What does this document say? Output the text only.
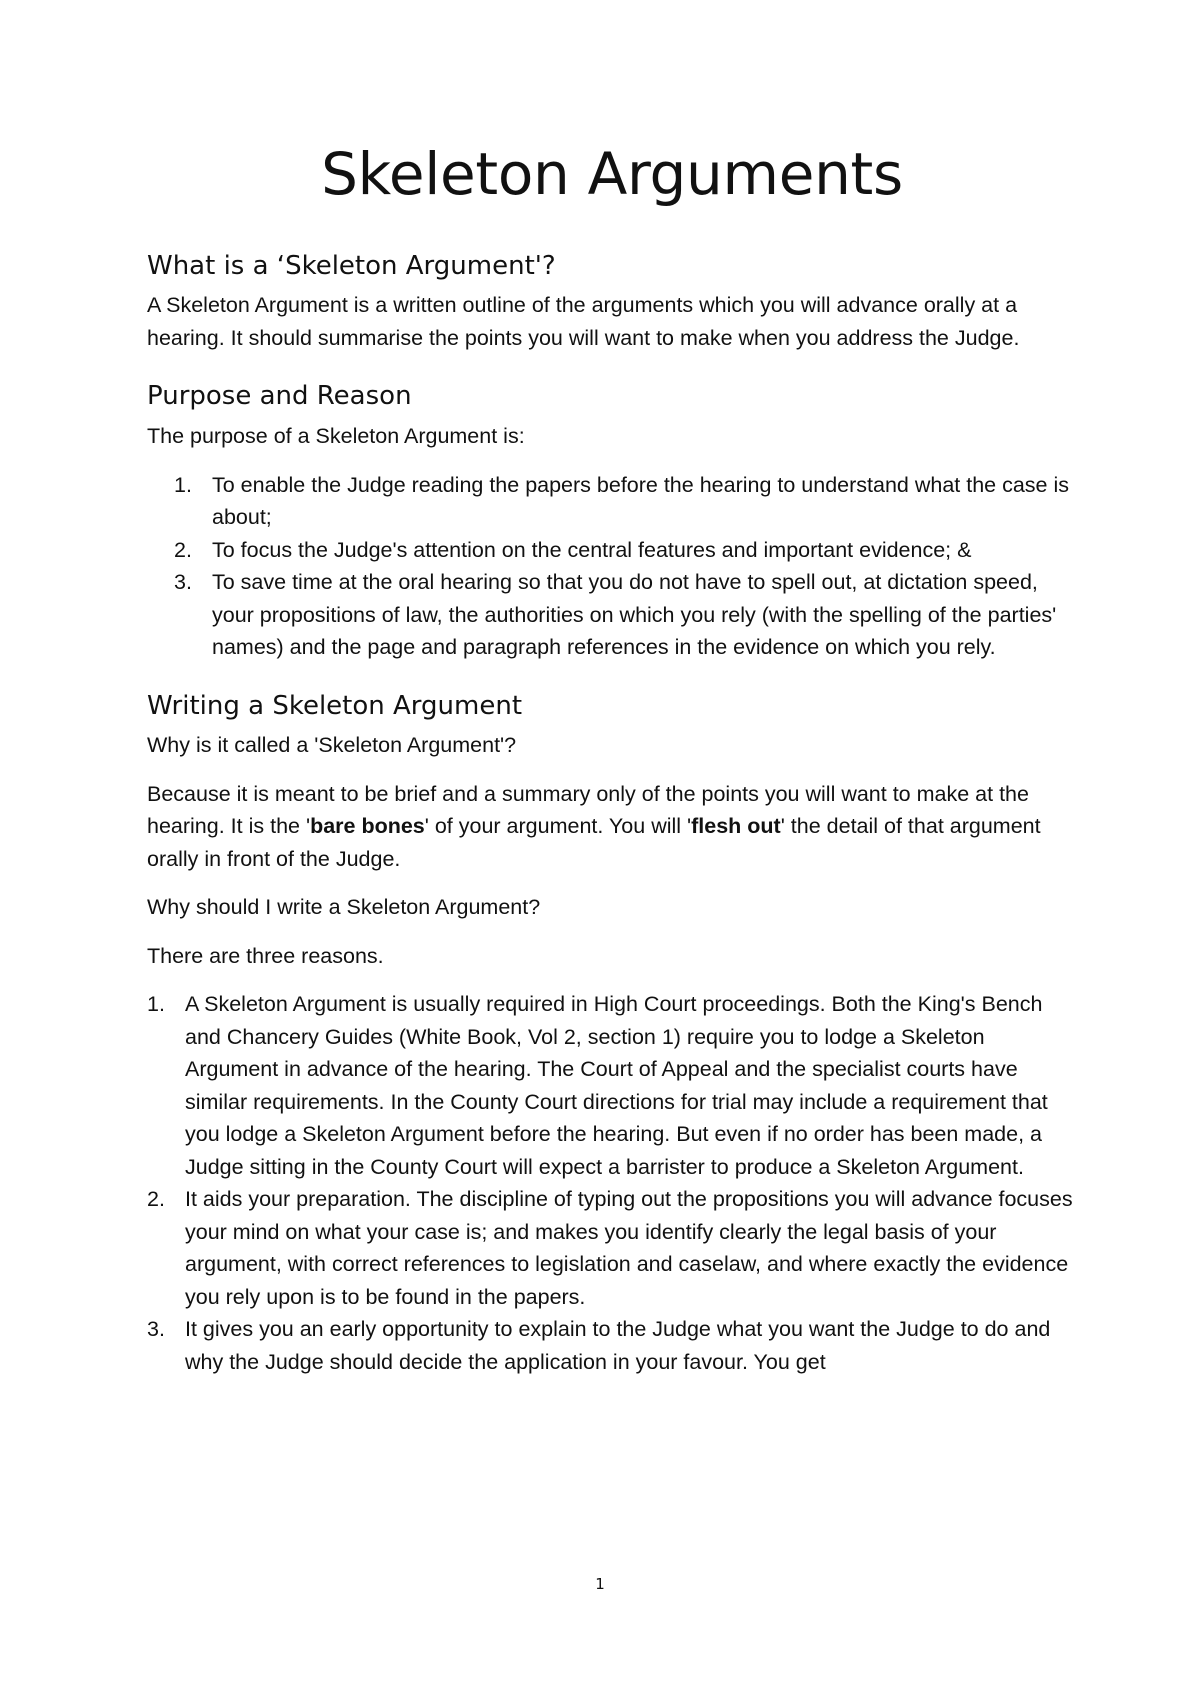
Skeleton Arguments
What is a ‘Skeleton Argument'?

A Skeleton Argument is a written outline of the arguments which you will advance orally at a hearing. It should summarise the points you will want to make when you address the Judge.

Purpose and Reason

The purpose of a Skeleton Argument is:

1. To enable the Judge reading the papers before the hearing to understand what the case is about;
2. To focus the Judge's attention on the central features and important evidence; &
3. To save time at the oral hearing so that you do not have to spell out, at dictation speed, your propositions of law, the authorities on which you rely (with the spelling of the parties' names) and the page and paragraph references in the evidence on which you rely.
Writing a Skeleton Argument

Why is it called a 'Skeleton Argument'?

Because it is meant to be brief and a summary only of the points you will want to make at the hearing. It is the 'bare bones' of your argument. You will 'flesh out' the detail of that argument orally in front of the Judge.

Why should I write a Skeleton Argument?

There are three reasons.

1. A Skeleton Argument is usually required in High Court proceedings. Both the King's Bench and Chancery Guides (White Book, Vol 2, section 1) require you to lodge a Skeleton Argument in advance of the hearing. The Court of Appeal and the specialist courts have similar requirements. In the County Court directions for trial may include a requirement that you lodge a Skeleton Argument before the hearing. But even if no order has been made, a Judge sitting in the County Court will expect a barrister to produce a Skeleton Argument.
2. It aids your preparation. The discipline of typing out the propositions you will advance focuses your mind on what your case is; and makes you identify clearly the legal basis of your argument, with correct references to legislation and caselaw, and where exactly the evidence you rely upon is to be found in the papers.
3. It gives you an early opportunity to explain to the Judge what you want the Judge to do and why the Judge should decide the application in your favour. You get
1
